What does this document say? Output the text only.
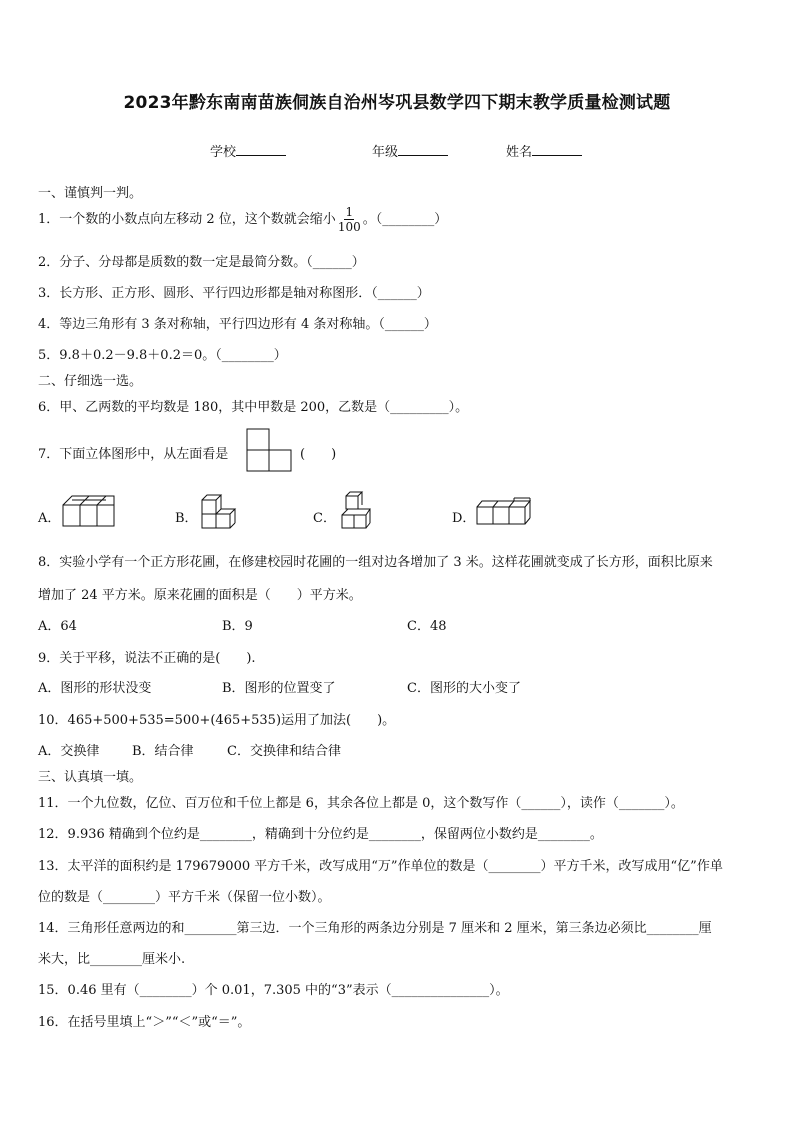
2023年黔东南南苗族侗族自治州岑巩县数学四下期末教学质量检测试题
学校	年级	姓名
一、谨慎判一判。
1．一个数的小数点向左移动 2 位，这个数就会缩小 $\frac{1}{100}$ 。（________）
2．分子、分母都是质数的数一定是最简分数。（______）
3．长方形、正方形、圆形、平行四边形都是轴对称图形．（______）
4．等边三角形有 3 条对称轴，平行四边形有 4 条对称轴。（______）
5．9.8＋0.2－9.8＋0.2＝0。（________）
二、仔细选一选。
6．甲、乙两数的平均数是 180，其中甲数是 200，乙数是（_________）。
7．下面立体图形中，从左面看是	(　　)
A．	B．	C．	D．
8．实验小学有一个正方形花圃，在修建校园时花圃的一组对边各增加了 3 米。这样花圃就变成了长方形，面积比原来
增加了 24 平方米。原来花圃的面积是（　　）平方米。
A．64	B．9	C．48
9．关于平移，说法不正确的是(　　).
A．图形的形状没变	B．图形的位置变了	C．图形的大小变了
10．465+500+535=500+(465+535)运用了加法(　　)。
A．交换律	B．结合律	C．交换律和结合律
三、认真填一填。
11．一个九位数，亿位、百万位和千位上都是 6，其余各位上都是 0，这个数写作（______），读作（_______）。
12．9.936 精确到个位约是________，精确到十分位约是________，保留两位小数约是________。
13．太平洋的面积约是 179679000 平方千米，改写成用“万”作单位的数是（________）平方千米，改写成用“亿”作单
位的数是（________）平方千米（保留一位小数）。
14．三角形任意两边的和________第三边．一个三角形的两条边分别是 7 厘米和 2 厘米，第三条边必须比________厘
米大，比________厘米小.
15．0.46 里有（________）个 0.01，7.305 中的“3”表示（_______________）。
16．在括号里填上“＞”“＜”或“＝”。
